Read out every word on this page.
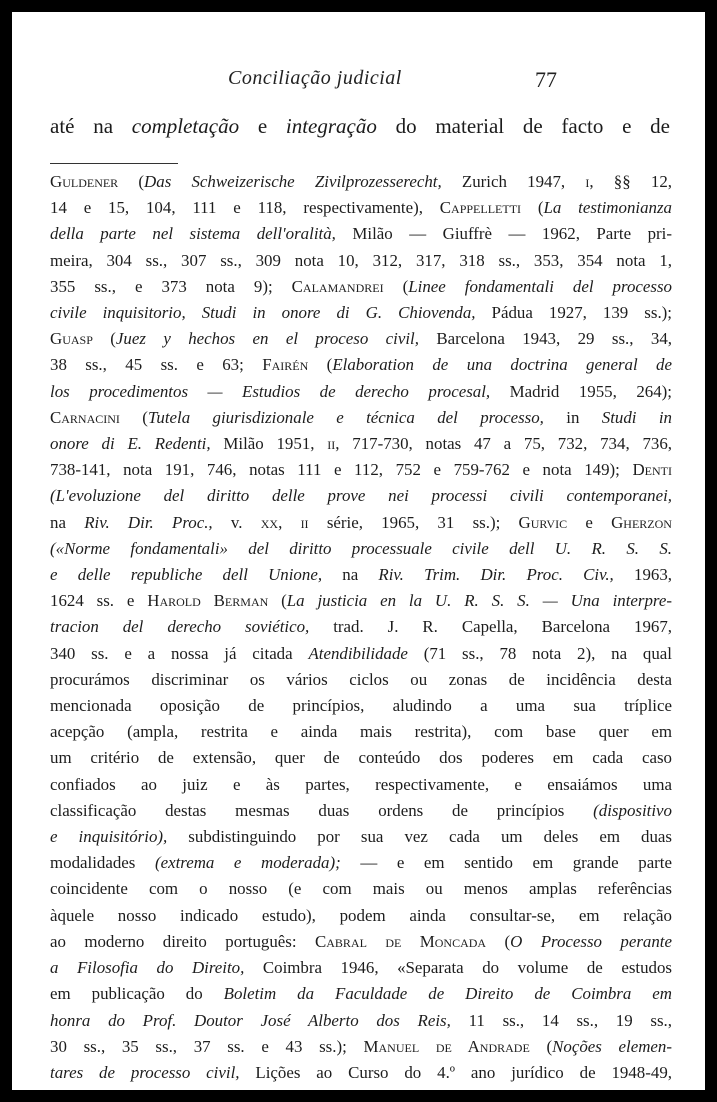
Conciliação judicial	77
até na completação e integração do material de facto e de
Guldener (Das Schweizerische Zivilprozesserecht, Zurich 1947, i, §§ 12,
14 e 15, 104, 111 e 118, respectivamente), Cappelletti (La testimonianza
della parte nel sistema dell'oralità, Milão — Giuffrè — 1962, Parte pri-
meira, 304 ss., 307 ss., 309 nota 10, 312, 317, 318 ss., 353, 354 nota 1,
355 ss., e 373 nota 9); Calamandrei (Linee fondamentali del processo
civile inquisitorio, Studi in onore di G. Chiovenda, Pádua 1927, 139 ss.);
Guasp (Juez y hechos en el proceso civil, Barcelona 1943, 29 ss., 34,
38 ss., 45 ss. e 63; Fairén (Elaboration de una doctrina general de
los procedimentos — Estudios de derecho procesal, Madrid 1955, 264);
Carnacini (Tutela giurisdizionale e técnica del processo, in Studi in
onore di E. Redenti, Milão 1951, ii, 717-730, notas 47 a 75, 732, 734, 736,
738-141, nota 191, 746, notas 111 e 112, 752 e 759-762 e nota 149); Denti
(L'evoluzione del diritto delle prove nei processi civili contemporanei,
na Riv. Dir. Proc., v. xx, ii série, 1965, 31 ss.); Gurvic e Gherzon
(«Norme fondamentali» del diritto processuale civile dell U. R. S. S.
e delle republiche dell Unione, na Riv. Trim. Dir. Proc. Civ., 1963,
1624 ss. e Harold Berman (La justicia en la U. R. S. S. — Una interpre-
tracion del derecho soviético, trad. J. R. Capella, Barcelona 1967,
340 ss. e a nossa já citada Atendibilidade (71 ss., 78 nota 2), na qual
procurámos discriminar os vários ciclos ou zonas de incidência desta
mencionada oposição de princípios, aludindo a uma sua tríplice
acepção (ampla, restrita e ainda mais restrita), com base quer em
um critério de extensão, quer de conteúdo dos poderes em cada caso
confiados ao juiz e às partes, respectivamente, e ensaiámos uma
classificação destas mesmas duas ordens de princípios (dispositivo
e inquisitório), subdistinguindo por sua vez cada um deles em duas
modalidades (extrema e moderada); — e em sentido em grande parte
coincidente com o nosso (e com mais ou menos amplas referências
àquele nosso indicado estudo), podem ainda consultar-se, em relação
ao moderno direito português: Cabral de Moncada (O Processo perante
a Filosofia do Direito, Coimbra 1946, «Separata do volume de estudos
em publicação do Boletim da Faculdade de Direito de Coimbra em
honra do Prof. Doutor José Alberto dos Reis, 11 ss., 14 ss., 19 ss.,
30 ss., 35 ss., 37 ss. e 43 ss.); Manuel de Andrade (Noções elemen-
tares de processo civil, Lições ao Curso do 4.º ano jurídico de 1948-49,
